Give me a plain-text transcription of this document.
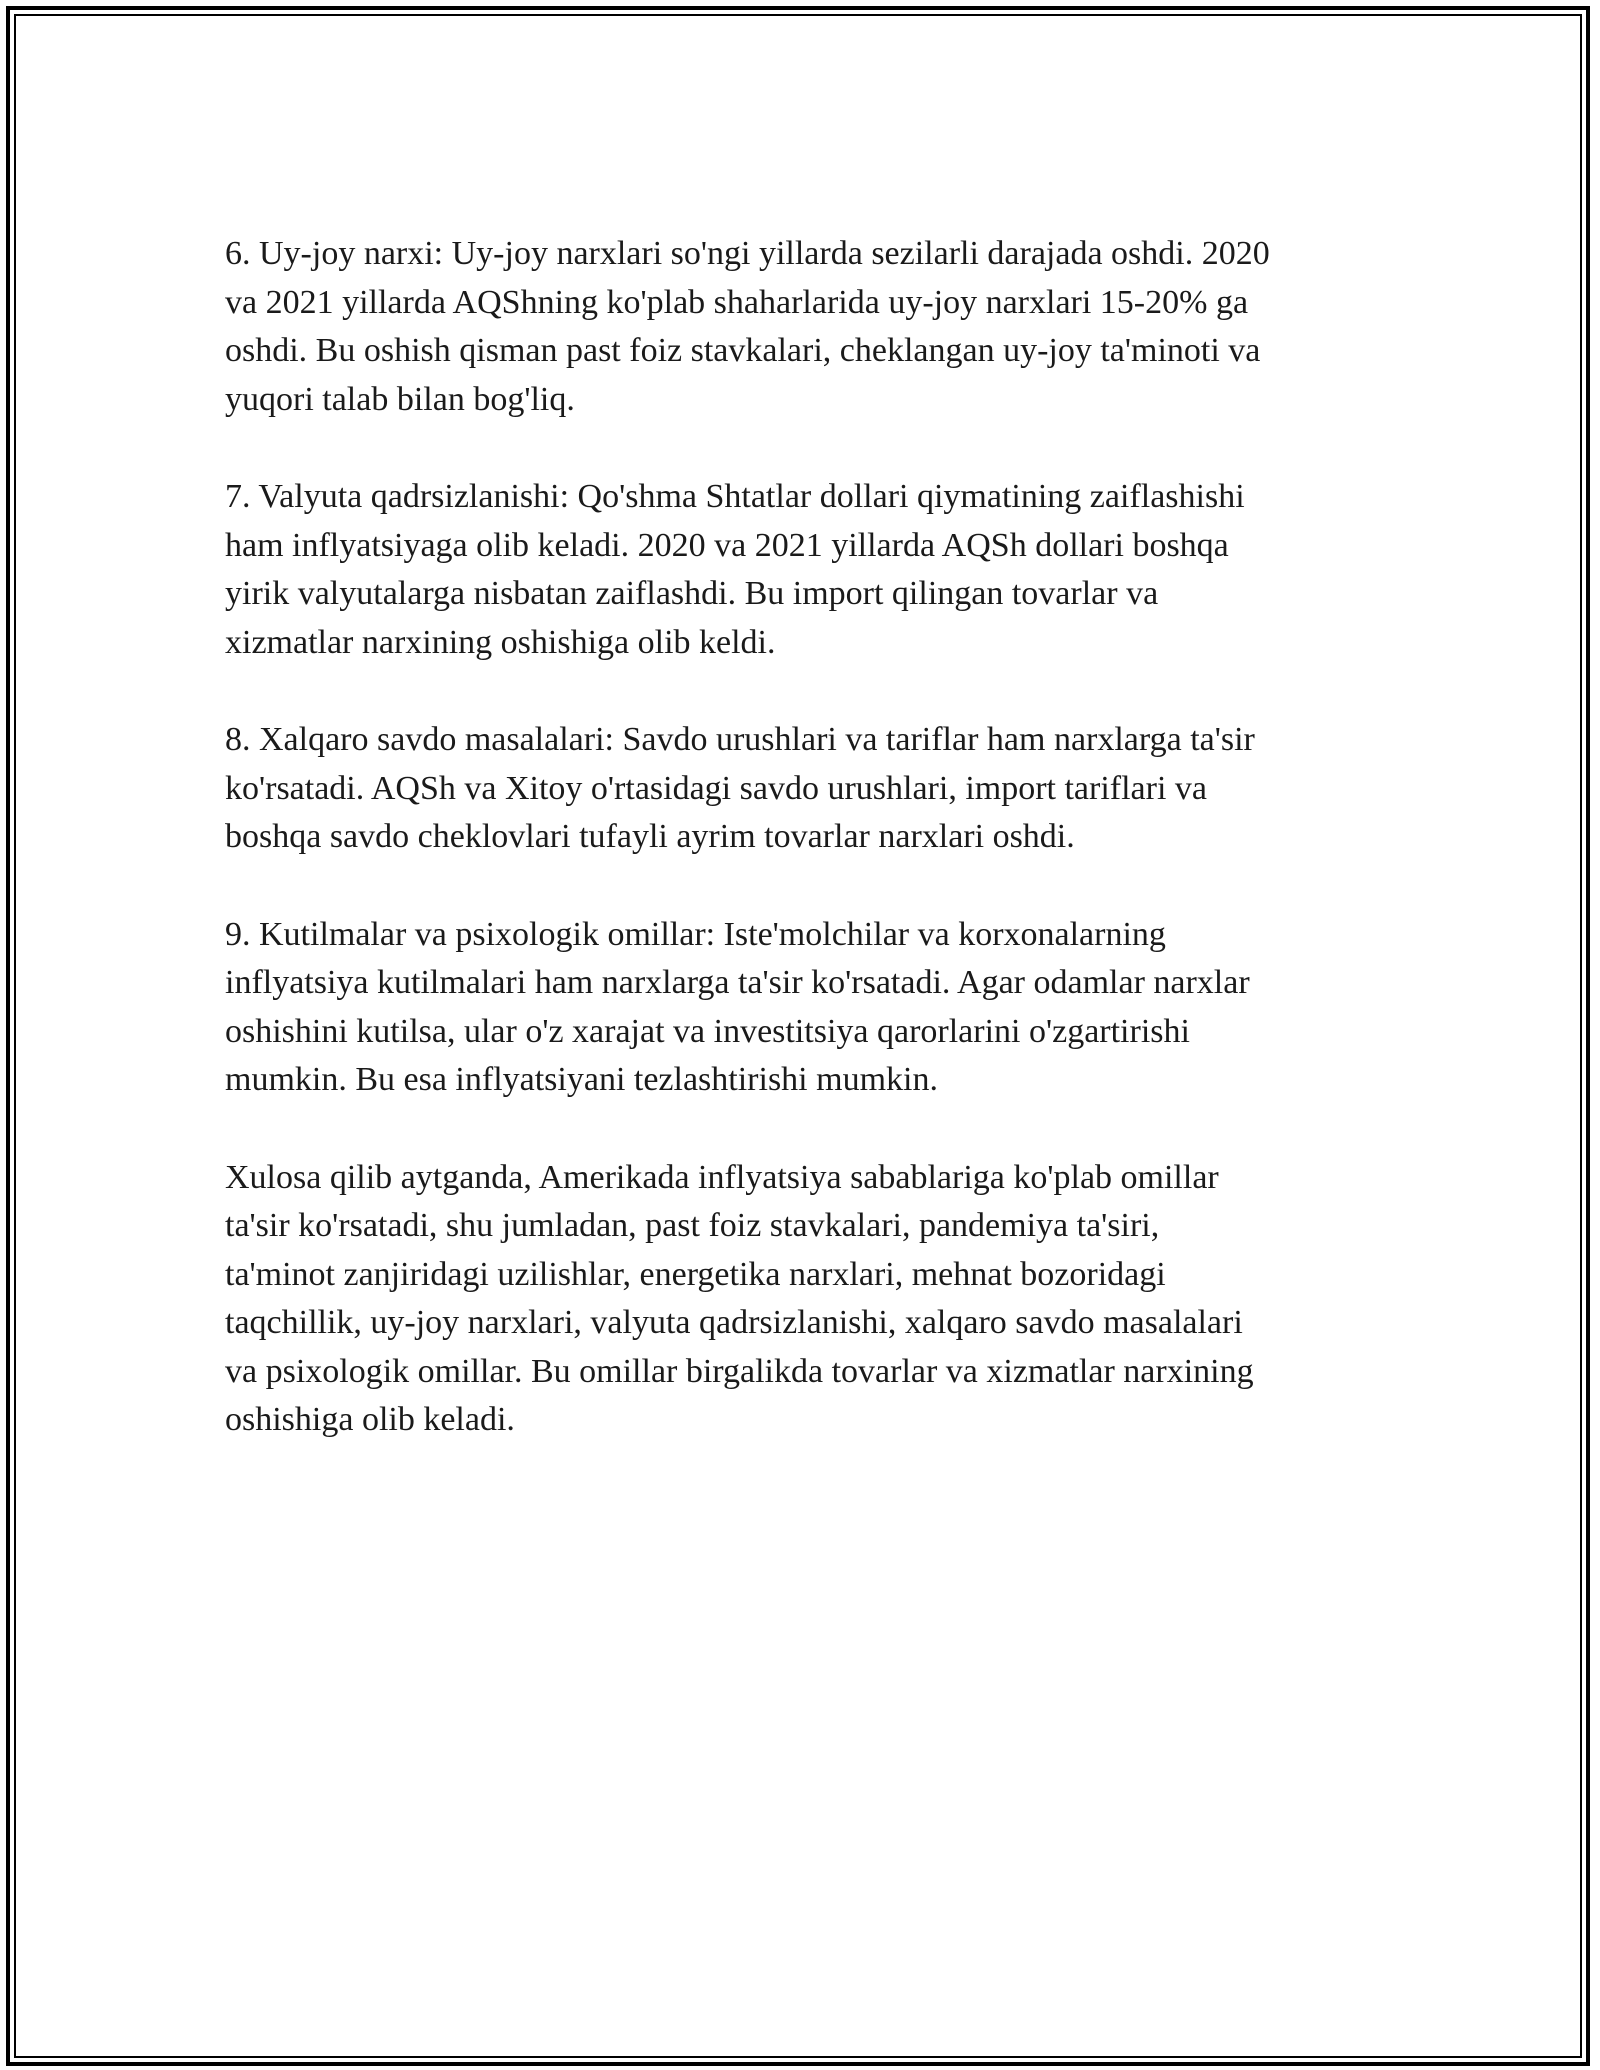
6. Uy-joy narxi: Uy-joy narxlari so'ngi yillarda sezilarli darajada oshdi. 2020
va 2021 yillarda AQShning ko'plab shaharlarida uy-joy narxlari 15-20% ga
oshdi. Bu oshish qisman past foiz stavkalari, cheklangan uy-joy ta'minoti va
yuqori talab bilan bog'liq.

7. Valyuta qadrsizlanishi: Qo'shma Shtatlar dollari qiymatining zaiflashishi
ham inflyatsiyaga olib keladi. 2020 va 2021 yillarda AQSh dollari boshqa
yirik valyutalarga nisbatan zaiflashdi. Bu import qilingan tovarlar va
xizmatlar narxining oshishiga olib keldi.

8. Xalqaro savdo masalalari: Savdo urushlari va tariflar ham narxlarga ta'sir
ko'rsatadi. AQSh va Xitoy o'rtasidagi savdo urushlari, import tariflari va
boshqa savdo cheklovlari tufayli ayrim tovarlar narxlari oshdi.

9. Kutilmalar va psixologik omillar: Iste'molchilar va korxonalarning
inflyatsiya kutilmalari ham narxlarga ta'sir ko'rsatadi. Agar odamlar narxlar
oshishini kutilsa, ular o'z xarajat va investitsiya qarorlarini o'zgartirishi
mumkin. Bu esa inflyatsiyani tezlashtirishi mumkin.

Xulosa qilib aytganda, Amerikada inflyatsiya sabablariga ko'plab omillar
ta'sir ko'rsatadi, shu jumladan, past foiz stavkalari, pandemiya ta'siri,
ta'minot zanjiridagi uzilishlar, energetika narxlari, mehnat bozoridagi
taqchillik, uy-joy narxlari, valyuta qadrsizlanishi, xalqaro savdo masalalari
va psixologik omillar. Bu omillar birgalikda tovarlar va xizmatlar narxining
oshishiga olib keladi.
